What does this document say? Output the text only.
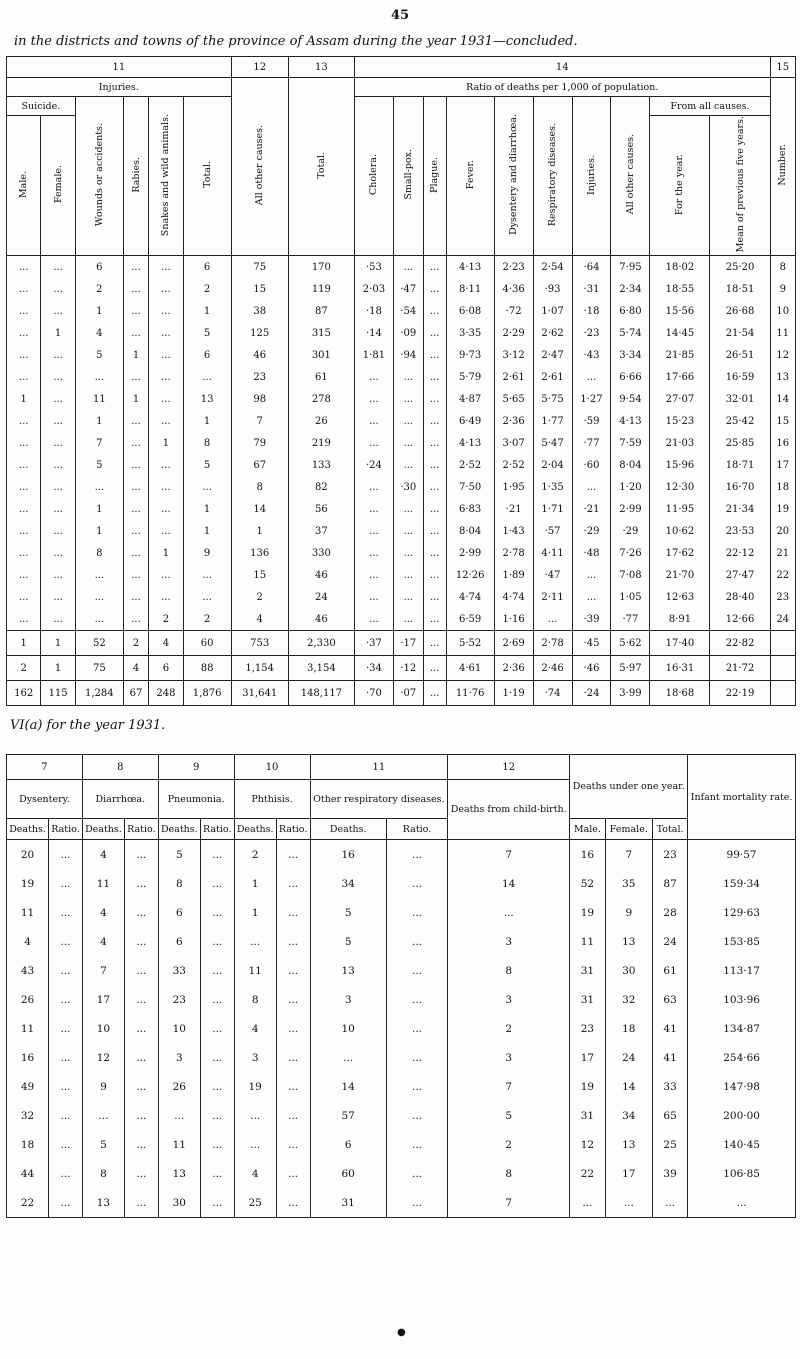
45
in the districts and towns of the province of Assam during the year 1931—concluded.
11						12	13	14										15
Injuries.						All other causes.	Total.	Ratio of deaths per 1,000 of population.										Number.
Suicide.		Wounds or accidents.	Rabies.	Snakes and wild animals.	Total.			Cholera.	Small-pox.	Plague.	Fever.	Dysentery and diarrhœa.	Respiratory diseases.	Injuries.	All other causes.	From all causes.		
Male.	Female.															For the year.	Mean of previous five years.	
...	...	6	...	...	6	75	170	·53	...	...	4·13	2·23	2·54	·64	7·95	18·02	25·20	8
...	...	2	...	...	2	15	119	2·03	·47	...	8·11	4·36	·93	·31	2·34	18·55	18·51	9
...	...	1	...	...	1	38	87	·18	·54	...	6·08	·72	1·07	·18	6·80	15·56	26·68	10
...	1	4	...	...	5	125	315	·14	·09	...	3·35	2·29	2·62	·23	5·74	14·45	21·54	11
...	...	5	1	...	6	46	301	1·81	·94	...	9·73	3·12	2·47	·43	3·34	21·85	26·51	12
...	...	...	...	...	...	23	61	...	...	...	5·79	2·61	2·61	...	6·66	17·66	16·59	13
1	...	11	1	...	13	98	278	...	...	...	4·87	5·65	5·75	1·27	9·54	27·07	32·01	14
...	...	1	...	...	1	7	26	...	...	...	6·49	2·36	1·77	·59	4·13	15·23	25·42	15
...	...	7	...	1	8	79	219	...	...	...	4·13	3·07	5·47	·77	7·59	21·03	25·85	16
...	...	5	...	...	5	67	133	·24	...	...	2·52	2·52	2·04	·60	8·04	15·96	18·71	17
...	...	...	...	...	...	8	82	...	·30	...	7·50	1·95	1·35	...	1·20	12·30	16·70	18
...	...	1	...	...	1	14	56	...	...	...	6·83	·21	1·71	·21	2·99	11·95	21·34	19
...	...	1	...	...	1	1	37	...	...	...	8·04	1·43	·57	·29	·29	10·62	23·53	20
...	...	8	...	1	9	136	330	...	...	...	2·99	2·78	4·11	·48	7·26	17·62	22·12	21
...	...	...	...	...	...	15	46	...	...	...	12·26	1·89	·47	...	7·08	21·70	27·47	22
...	...	...	...	...	...	2	24	...	...	...	4·74	4·74	2·11	...	1·05	12·63	28·40	23
...	...	...	...	2	2	4	46	...	...	...	6·59	1·16	...	·39	·77	8·91	12·66	24
1	1	52	2	4	60	753	2,330	·37	·17	...	5·52	2·69	2·78	·45	5·62	17·40	22·82	
2	1	75	4	6	88	1,154	3,154	·34	·12	...	4·61	2·36	2·46	·46	5·97	16·31	21·72	
162	115	1,284	67	248	1,876	31,641	148,117	·70	·07	...	11·76	1·19	·74	·24	3·99	18·68	22·19	
VI(a) for the year 1931.
7		8		9		10		11		12	Deaths under one year.			Infant mortality rate.
Dysentery.		Diarrhœa.		Pneumonia.		Phthisis.		Other respiratory diseases.		Deaths from child-birth.				
Deaths.	Ratio.	Deaths.	Ratio.	Deaths.	Ratio.	Deaths.	Ratio.	Deaths.	Ratio.		Male.	Female.	Total.	
20	...	4	...	5	...	2	...	16	...	7	16	7	23	99·57
19	...	11	...	8	...	1	...	34	...	14	52	35	87	159·34
11	...	4	...	6	...	1	...	5	...	...	19	9	28	129·63
4	...	4	...	6	...	...	...	5	...	3	11	13	24	153·85
43	...	7	...	33	...	11	...	13	...	8	31	30	61	113·17
26	...	17	...	23	...	8	...	3	...	3	31	32	63	103·96
11	...	10	...	10	...	4	...	10	...	2	23	18	41	134·87
16	...	12	...	3	...	3	...	...	...	3	17	24	41	254·66
49	...	9	...	26	...	19	...	14	...	7	19	14	33	147·98
32	...	...	...	...	...	...	...	57	...	5	31	34	65	200·00
18	...	5	...	11	...	...	...	6	...	2	12	13	25	140·45
44	...	8	...	13	...	4	...	60	...	8	22	17	39	106·85
22	...	13	...	30	...	25	...	31	...	7	...	...	...	...
●
